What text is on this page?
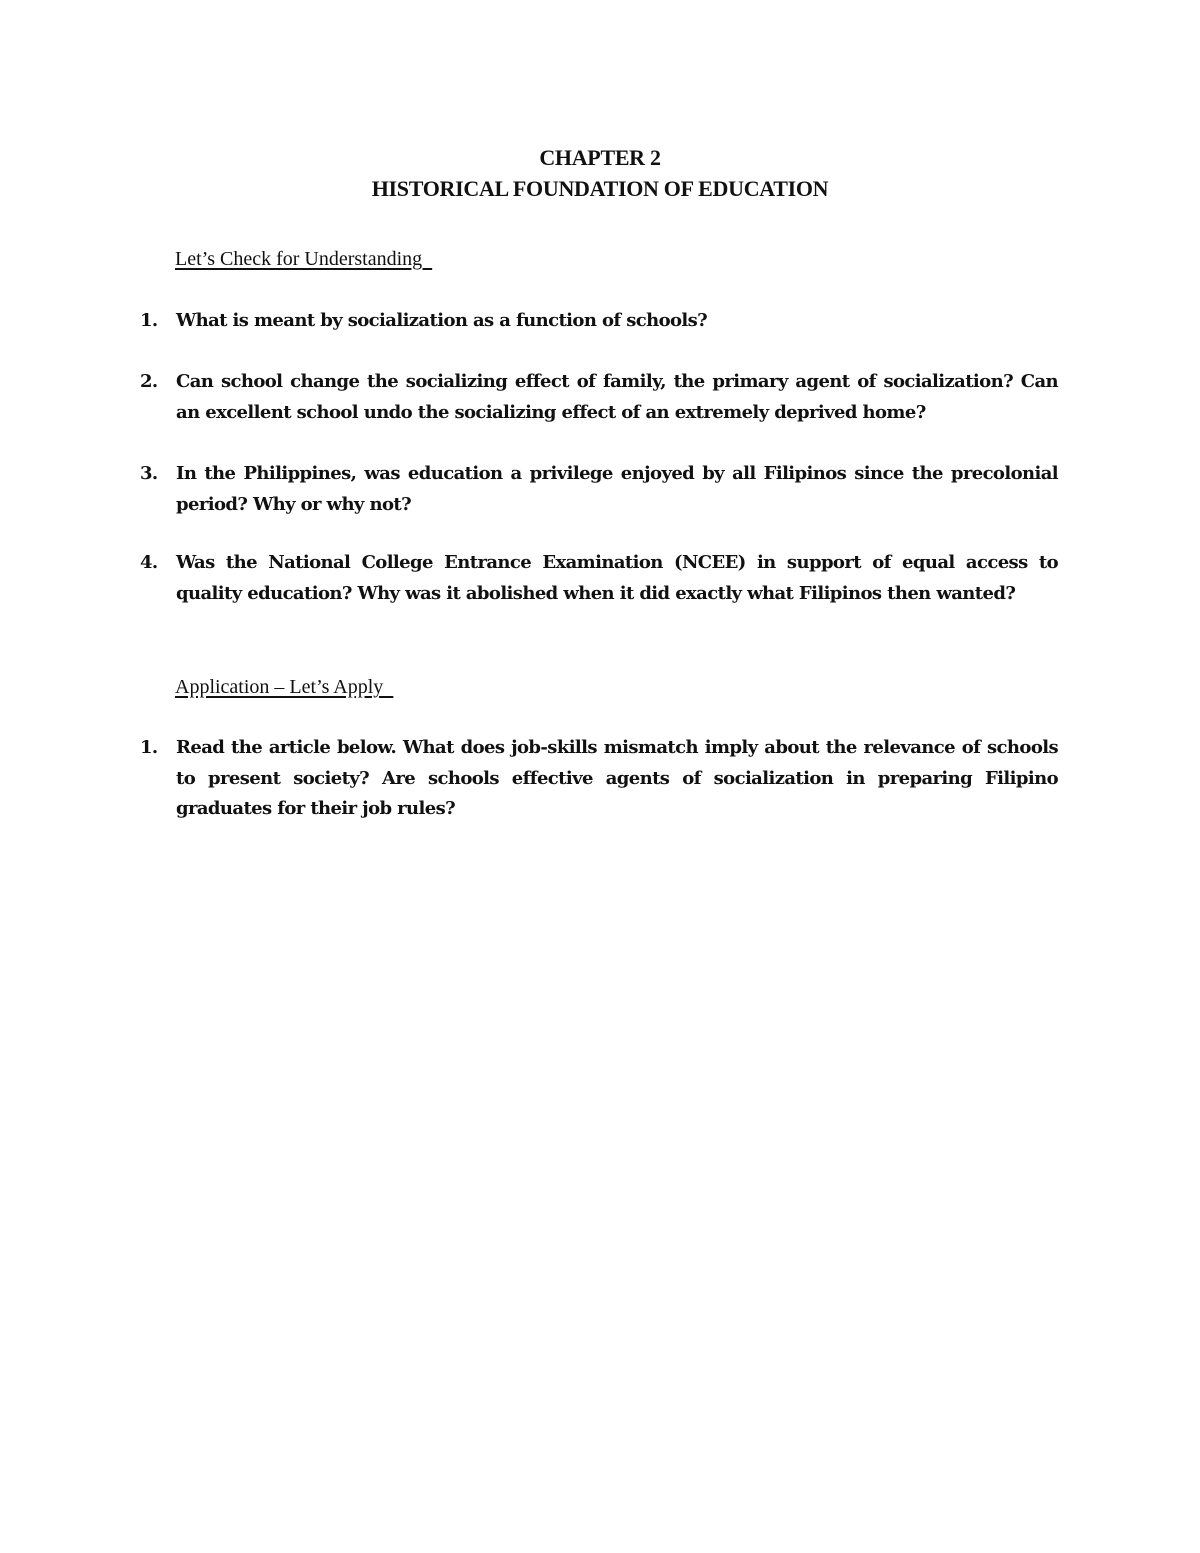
CHAPTER 2
HISTORICAL FOUNDATION OF EDUCATION
Let’s Check for Understanding
1.	What is meant by socialization as a function of schools?
2.	Can school change the socializing effect of family, the primary agent of socialization? Can an excellent school undo the socializing effect of an extremely deprived home?
3.	In the Philippines, was education a privilege enjoyed by all Filipinos since the precolonial period? Why or why not?
4.	Was the National College Entrance Examination (NCEE) in support of equal access to quality education? Why was it abolished when it did exactly what Filipinos then wanted?
Application – Let’s Apply
1.	Read the article below. What does job-skills mismatch imply about the relevance of schools to present society? Are schools effective agents of socialization in preparing Filipino graduates for their job rules?
